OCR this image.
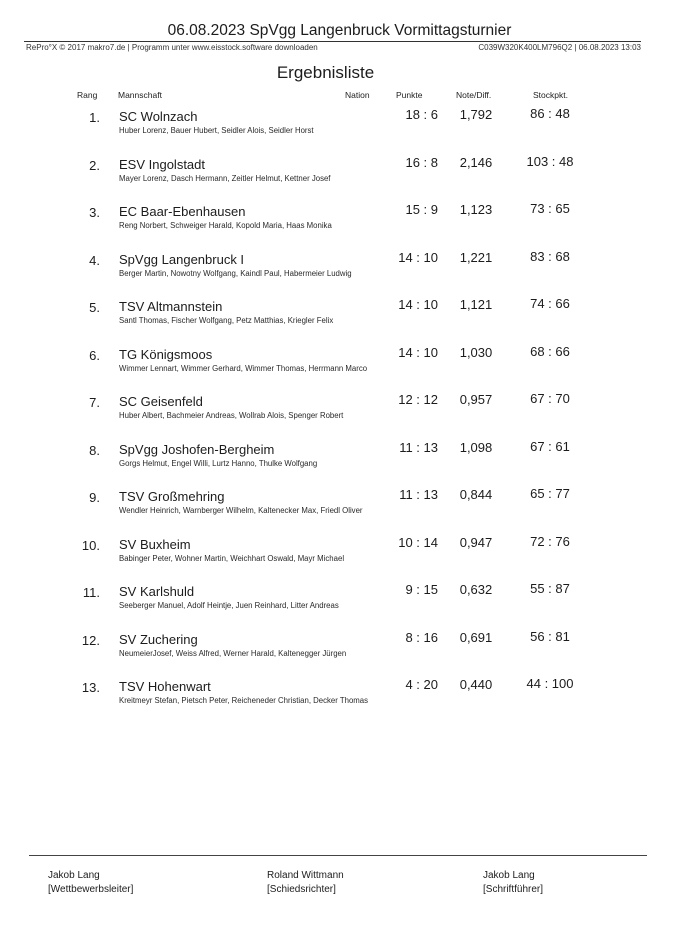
06.08.2023 SpVgg Langenbruck Vormittagsturnier
RePro°X © 2017 makro7.de | Programm unter www.eisstock.software downloaden	C039W320K400LM796Q2 | 06.08.2023 13:03
Ergebnisliste
Rang Mannschaft	Nation	Punkte	Note/Diff.	Stockpkt.
1. SC Wolnzach
Huber Lorenz, Bauer Hubert, Seidler Alois, Seidler Horst
18 : 6	1,792	86 : 48
2. ESV Ingolstadt
Mayer Lorenz, Dasch Hermann, Zeitler Helmut, Kettner Josef
16 : 8	2,146	103 : 48
3. EC Baar-Ebenhausen
Reng Norbert, Schweiger Harald, Kopold Maria, Haas Monika
15 : 9	1,123	73 : 65
4. SpVgg Langenbruck I
Berger Martin, Nowotny Wolfgang, Kaindl Paul, Habermeier Ludwig
14 : 10	1,221	83 : 68
5. TSV Altmannstein
Santl Thomas, Fischer Wolfgang, Petz Matthias, Kriegler Felix
14 : 10	1,121	74 : 66
6. TG Königsmoos
Wimmer Lennart, Wimmer Gerhard, Wimmer Thomas, Herrmann Marco
14 : 10	1,030	68 : 66
7. SC Geisenfeld
Huber Albert, Bachmeier Andreas, Wollrab Alois, Spenger Robert
12 : 12	0,957	67 : 70
8. SpVgg Joshofen-Bergheim
Gorgs Helmut, Engel Willi, Lurtz Hanno, Thulke Wolfgang
11 : 13	1,098	67 : 61
9. TSV Großmehring
Wendler Heinrich, Warnberger Wilhelm, Kaltenecker Max, Friedl Oliver
11 : 13	0,844	65 : 77
10. SV Buxheim
Babinger Peter, Wohner Martin, Weichhart Oswald, Mayr Michael
10 : 14	0,947	72 : 76
11. SV Karlshuld
Seeberger Manuel, Adolf Heintje, Juen Reinhard, Litter Andreas
9 : 15	0,632	55 : 87
12. SV Zuchering
NeumeierJosef, Weiss Alfred, Werner Harald, Kaltenegger Jürgen
8 : 16	0,691	56 : 81
13. TSV Hohenwart
Kreitmeyr Stefan, Pietsch Peter, Reicheneder Christian, Decker Thomas
4 : 20	0,440	44 : 100
Jakob Lang
[Wettbewerbsleiter]
Roland Wittmann
[Schiedsrichter]
Jakob Lang
[Schriftführer]
